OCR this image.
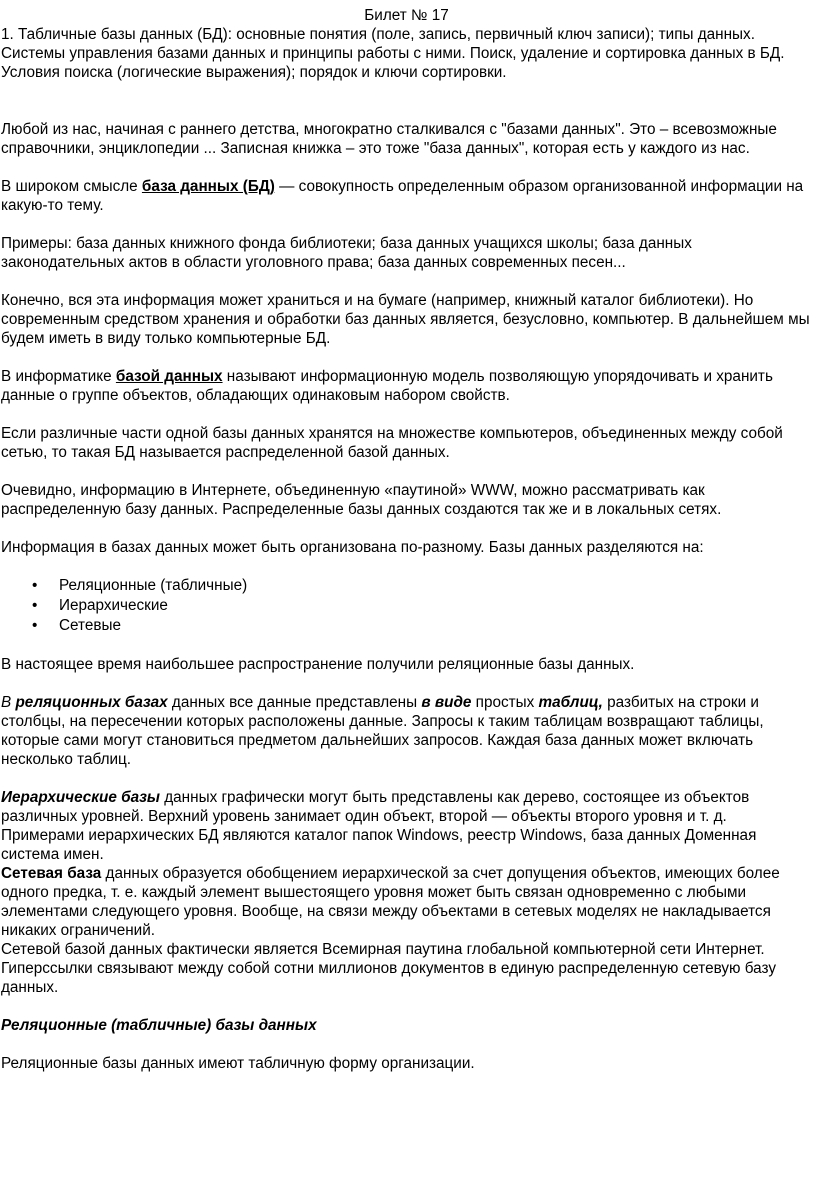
Билет № 17

1. Табличные базы данных (БД): основные понятия (поле, запись, первичный ключ записи); типы данных. Системы управления базами данных и принципы работы с ними. Поиск, удаление и сортировка данных в БД. Условия поиска (логические выражения); порядок и ключи сортировки.

Любой из нас, начиная с раннего детства, многократно сталкивался с "базами данных". Это – всевозможные справочники, энциклопедии ... Записная книжка – это тоже "база данных", которая есть у каждого из нас.

В широком смысле база данных (БД) — совокупность определенным образом организованной информации на какую-то тему.

Примеры: база данных книжного фонда библиотеки; база данных учащихся школы; база данных законодательных актов в области уголовного права; база данных современных песен...

Конечно, вся эта информация может храниться и на бумаге (например, книжный каталог библиотеки). Но современным средством хранения и обработки баз данных является, безусловно, компьютер. В дальнейшем мы будем иметь в виду только компьютерные БД.

В информатике базой данных называют информационную модель позволяющую упорядочивать и хранить данные о группе объектов, обладающих одинаковым набором свойств.

Если различные части одной базы данных хранятся на множестве компьютеров, объединенных между собой сетью, то такая БД называется распределенной базой данных.

Очевидно, информацию в Интернете, объединенную «паутиной» WWW, можно рассматривать как распределенную базу данных. Распределенные базы данных создаются так же и в локальных сетях.

Информация в базах данных может быть организована по-разному. Базы данных разделяются на:

• Реляционные (табличные)
• Иерархические
• Сетевые

В настоящее время наибольшее распространение получили реляционные базы данных.

В реляционных базах данных все данные представлены в виде простых таблиц, разбитых на строки и столбцы, на пересечении которых расположены данные. Запросы к таким таблицам возвращают таблицы, которые сами могут становиться предметом дальнейших запросов. Каждая база данных может включать несколько таблиц.

Иерархические базы данных графически могут быть представлены как дерево, состоящее из объектов различных уровней. Верхний уровень занимает один объект, второй — объекты второго уровня и т. д. Примерами иерархических БД являются каталог папок Windows, реестр Windows, база данных Доменная система имен.

Сетевая база данных образуется обобщением иерархической за счет допущения объектов, имеющих более одного предка, т. е. каждый элемент вышестоящего уровня может быть связан одновременно с любыми элементами следующего уровня. Вообще, на связи между объектами в сетевых моделях не накладывается никаких ограничений.

Сетевой базой данных фактически является Всемирная паутина глобальной компьютерной сети Интернет. Гиперссылки связывают между собой сотни миллионов документов в единую распределенную сетевую базу данных.

Реляционные (табличные) базы данных

Реляционные базы данных имеют табличную форму организации.
